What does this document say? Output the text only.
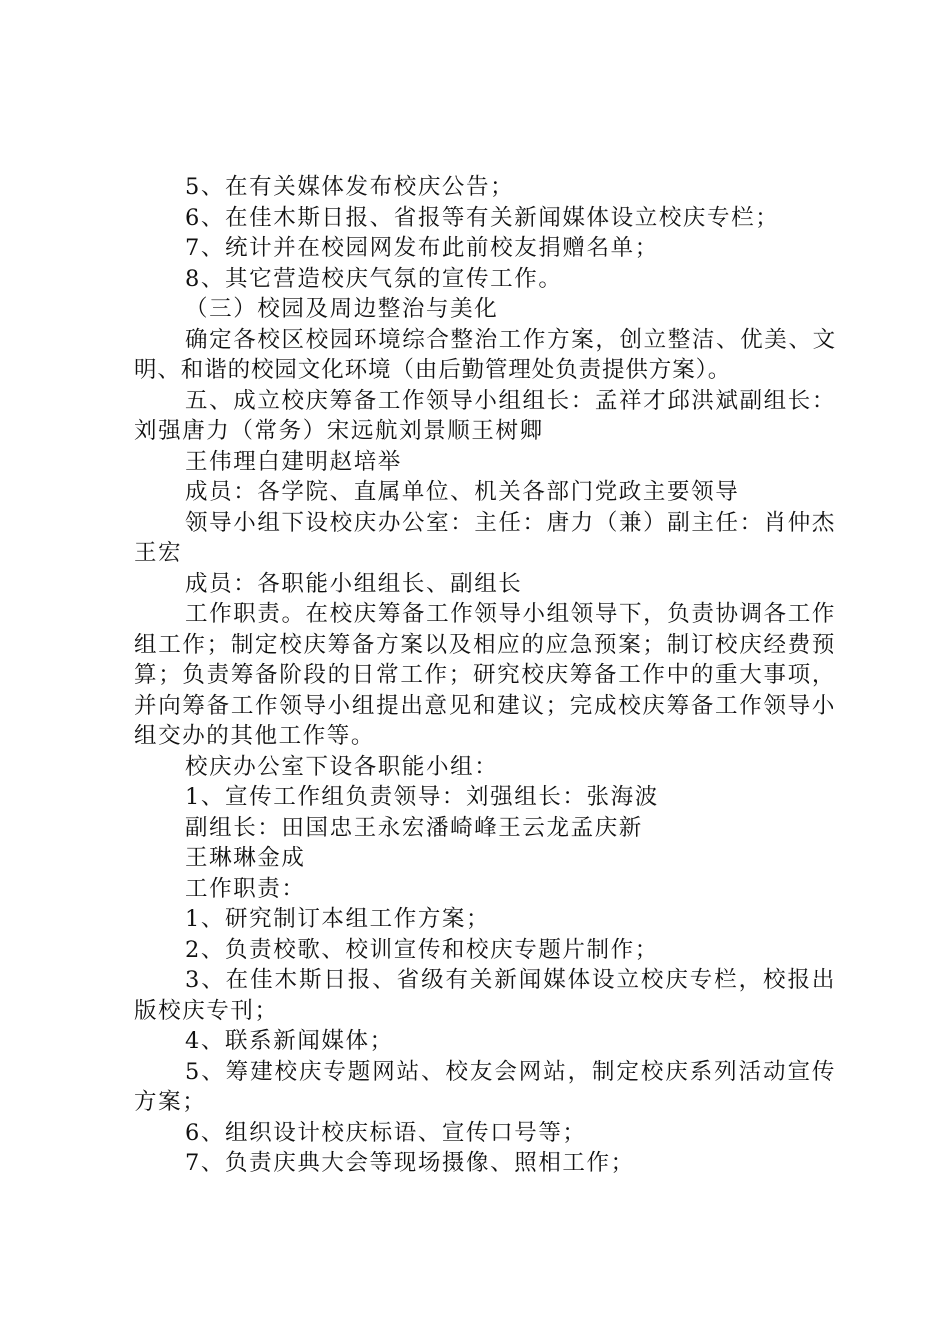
5、在有关媒体发布校庆公告；

6、在佳木斯日报、省报等有关新闻媒体设立校庆专栏；

7、统计并在校园网发布此前校友捐赠名单；

8、其它营造校庆气氛的宣传工作。

（三）校园及周边整治与美化

确定各校区校园环境综合整治工作方案，创立整洁、优美、文明、和谐的校园文化环境（由后勤管理处负责提供方案）。

五、成立校庆筹备工作领导小组组长：孟祥才邱洪斌副组长：刘强唐力（常务）宋远航刘景顺王树卿

王伟理白建明赵培举

成员：各学院、直属单位、机关各部门党政主要领导

领导小组下设校庆办公室：主任：唐力（兼）副主任：肖仲杰王宏

成员：各职能小组组长、副组长

工作职责。在校庆筹备工作领导小组领导下，负责协调各工作组工作；制定校庆筹备方案以及相应的应急预案；制订校庆经费预算；负责筹备阶段的日常工作；研究校庆筹备工作中的重大事项，并向筹备工作领导小组提出意见和建议；完成校庆筹备工作领导小组交办的其他工作等。

校庆办公室下设各职能小组：

1、宣传工作组负责领导：刘强组长：张海波

副组长：田国忠王永宏潘崎峰王云龙孟庆新

王琳琳金成

工作职责：

1、研究制订本组工作方案；

2、负责校歌、校训宣传和校庆专题片制作；

3、在佳木斯日报、省级有关新闻媒体设立校庆专栏，校报出版校庆专刊；

4、联系新闻媒体；

5、筹建校庆专题网站、校友会网站，制定校庆系列活动宣传方案；

6、组织设计校庆标语、宣传口号等；

7、负责庆典大会等现场摄像、照相工作；
